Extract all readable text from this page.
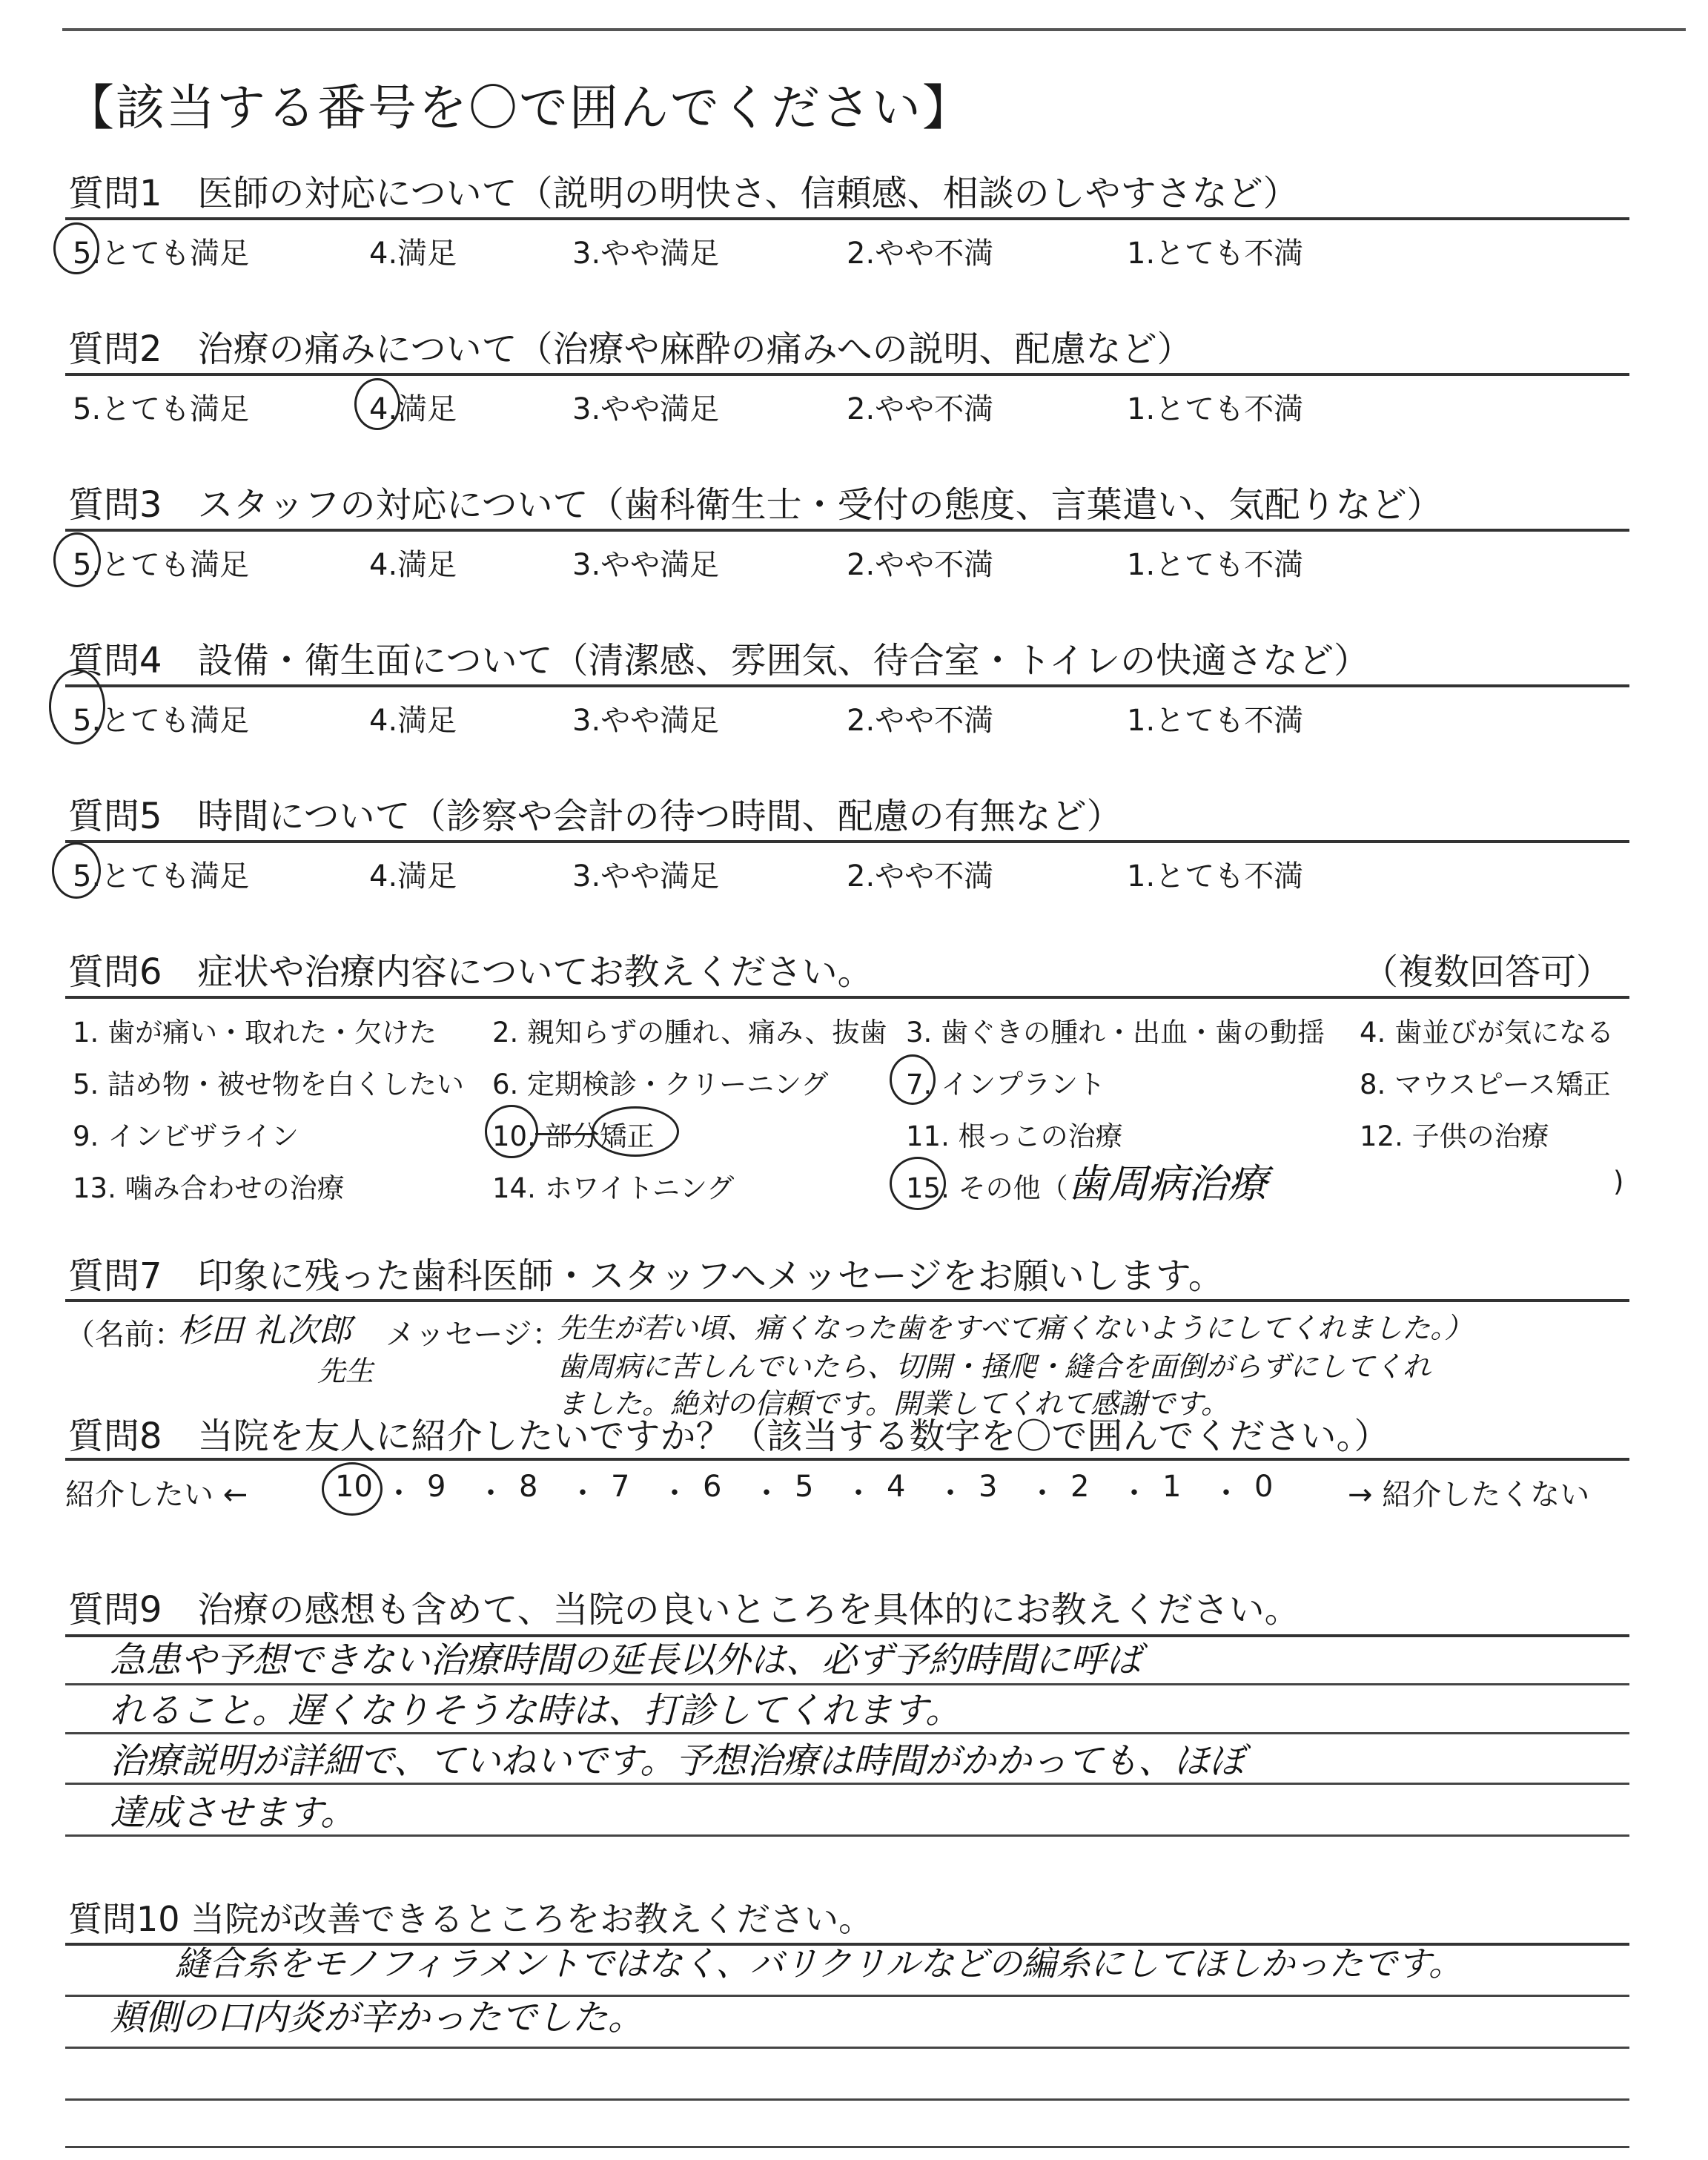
【該当する番号を〇で囲んでください】
質問1　医師の対応について（説明の明快さ、信頼感、相談のしやすさなど）
5.とても満足	4.満足	3.やや満足	2.やや不満	1.とても不満
質問2　治療の痛みについて（治療や麻酔の痛みへの説明、配慮など）
5.とても満足	4.満足	3.やや満足	2.やや不満	1.とても不満
質問3　スタッフの対応について（歯科衛生士・受付の態度、言葉遣い、気配りなど）
5.とても満足	4.満足	3.やや満足	2.やや不満	1.とても不満
質問4　設備・衛生面について（清潔感、雰囲気、待合室・トイレの快適さなど）
5.とても満足	4.満足	3.やや満足	2.やや不満	1.とても不満
質問5　時間について（診察や会計の待つ時間、配慮の有無など）
5.とても満足	4.満足	3.やや満足	2.やや不満	1.とても不満
質問6　症状や治療内容についてお教えください。	（複数回答可）
1. 歯が痛い・取れた・欠けた 2. 親知らずの腫れ、痛み、抜歯 3. 歯ぐきの腫れ・出血・歯の動揺 4. 歯並びが気になる
5. 詰め物・被せ物を白くしたい 6. 定期検診・クリーニング	7. インプラント	8. マウスピース矯正
9. インビザライン	10. 部分矯正	11. 根っこの治療	12. 子供の治療
13. 噛み合わせの治療	14. ホワイトニング	15. その他（ 歯周病治療	)
質問7　印象に残った歯科医師・スタッフへメッセージをお願いします。
（名前：
杉田 礼次郎
先生
メッセージ：
先生が若い頃、痛くなった歯をすべて痛くないようにしてくれました。）
歯周病に苦しんでいたら、切開・掻爬・縫合を面倒がらずにしてくれ
ました。絶対の信頼です。開業してくれて感謝です。
質問8　当院を友人に紹介したいですか？（該当する数字を〇で囲んでください。）
紹介したい ←	→ 紹介したくない
質問9　治療の感想も含めて、当院の良いところを具体的にお教えください。
急患や予想できない治療時間の延長以外は、必ず予約時間に呼ば
れること。遅くなりそうな時は、打診してくれます。
治療説明が詳細で、ていねいです。予想治療は時間がかかっても、ほぼ
達成させます。
質問10 当院が改善できるところをお教えください。
縫合糸をモノフィラメントではなく、バリクリルなどの編糸にしてほしかったです。
頬側の口内炎が辛かったでした。
10 ・ 9 ・ 8 ・ 7 ・ 6 ・ 5 ・ 4 ・ 3 ・ 2 ・ 1 ・ 0
